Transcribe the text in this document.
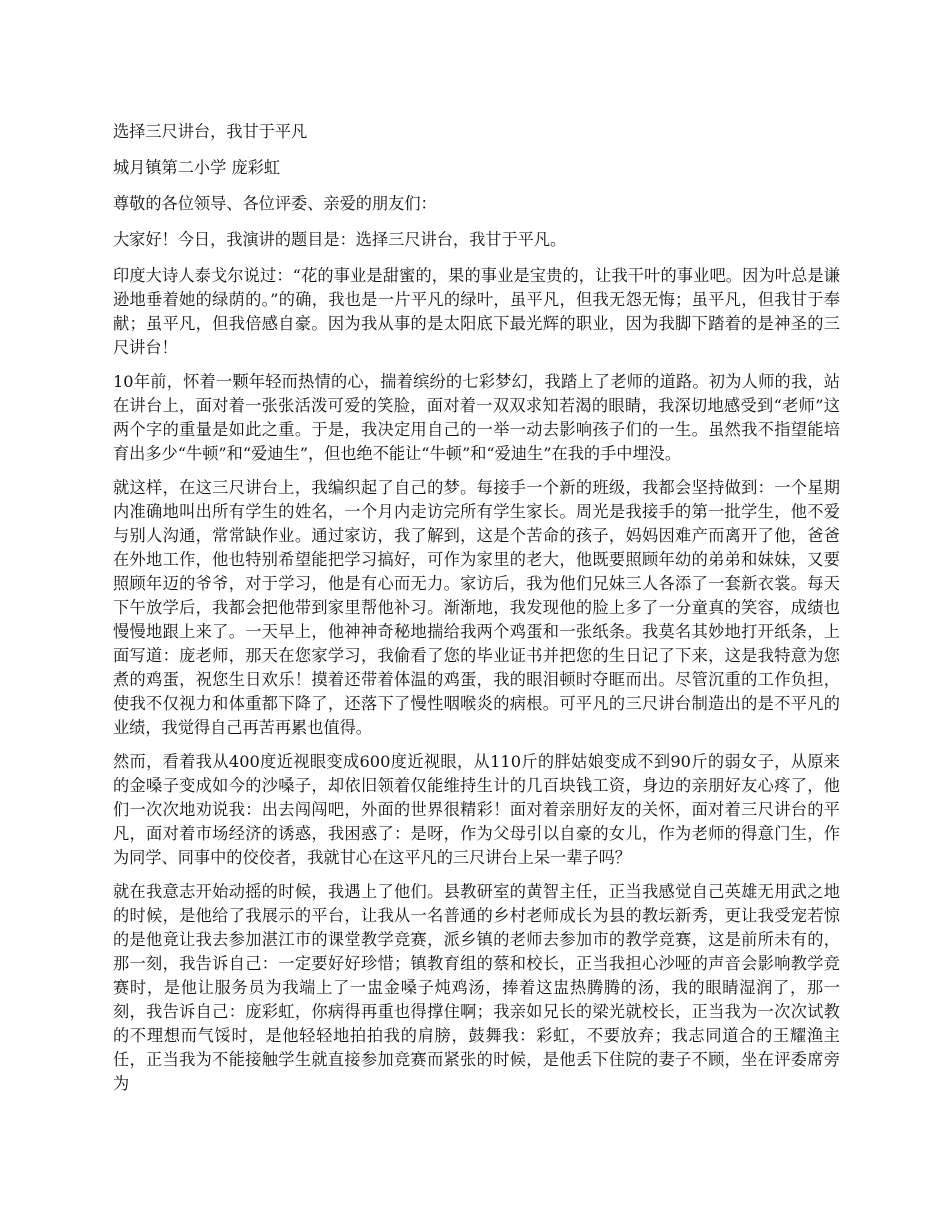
选择三尺讲台，我甘于平凡

城月镇第二小学 庞彩虹

尊敬的各位领导、各位评委、亲爱的朋友们：

大家好！今日，我演讲的题目是：选择三尺讲台，我甘于平凡。

印度大诗人泰戈尔说过：“花的事业是甜蜜的，果的事业是宝贵的，让我干叶的事业吧。因为叶总是谦逊地垂着她的绿荫的。”的确，我也是一片平凡的绿叶，虽平凡，但我无怨无悔；虽平凡，但我甘于奉献；虽平凡，但我倍感自豪。因为我从事的是太阳底下最光辉的职业，因为我脚下踏着的是神圣的三尺讲台！

10年前，怀着一颗年轻而热情的心，揣着缤纷的七彩梦幻，我踏上了老师的道路。初为人师的我，站在讲台上，面对着一张张活泼可爱的笑脸，面对着一双双求知若渴的眼睛，我深切地感受到“老师”这两个字的重量是如此之重。于是，我决定用自己的一举一动去影响孩子们的一生。虽然我不指望能培育出多少“牛顿”和“爱迪生”，但也绝不能让“牛顿”和“爱迪生”在我的手中埋没。

就这样，在这三尺讲台上，我编织起了自己的梦。每接手一个新的班级，我都会坚持做到：一个星期内准确地叫出所有学生的姓名，一个月内走访完所有学生家长。周光是我接手的第一批学生，他不爱与别人沟通，常常缺作业。通过家访，我了解到，这是个苦命的孩子，妈妈因难产而离开了他，爸爸在外地工作，他也特别希望能把学习搞好，可作为家里的老大，他既要照顾年幼的弟弟和妹妹，又要照顾年迈的爷爷，对于学习，他是有心而无力。家访后，我为他们兄妹三人各添了一套新衣裳。每天下午放学后，我都会把他带到家里帮他补习。渐渐地，我发现他的脸上多了一分童真的笑容，成绩也慢慢地跟上来了。一天早上，他神神奇秘地揣给我两个鸡蛋和一张纸条。我莫名其妙地打开纸条，上面写道：庞老师，那天在您家学习，我偷看了您的毕业证书并把您的生日记了下来，这是我特意为您煮的鸡蛋，祝您生日欢乐！摸着还带着体温的鸡蛋，我的眼泪顿时夺眶而出。尽管沉重的工作负担，使我不仅视力和体重都下降了，还落下了慢性咽喉炎的病根。可平凡的三尺讲台制造出的是不平凡的业绩，我觉得自己再苦再累也值得。

然而，看着我从400度近视眼变成600度近视眼，从110斤的胖姑娘变成不到90斤的弱女子，从原来的金嗓子变成如今的沙嗓子，却依旧领着仅能维持生计的几百块钱工资，身边的亲朋好友心疼了，他们一次次地劝说我：出去闯闯吧，外面的世界很精彩！面对着亲朋好友的关怀，面对着三尺讲台的平凡，面对着市场经济的诱惑，我困惑了：是呀，作为父母引以自豪的女儿，作为老师的得意门生，作为同学、同事中的佼佼者，我就甘心在这平凡的三尺讲台上呆一辈子吗？

就在我意志开始动摇的时候，我遇上了他们。县教研室的黄智主任，正当我感觉自己英雄无用武之地的时候，是他给了我展示的平台，让我从一名普通的乡村老师成长为县的教坛新秀，更让我受宠若惊的是他竟让我去参加湛江市的课堂教学竞赛，派乡镇的老师去参加市的教学竞赛，这是前所未有的，那一刻，我告诉自己：一定要好好珍惜；镇教育组的蔡和校长，正当我担心沙哑的声音会影响教学竞赛时，是他让服务员为我端上了一盅金嗓子炖鸡汤，捧着这盅热腾腾的汤，我的眼睛湿润了，那一刻，我告诉自己：庞彩虹，你病得再重也得撑住啊；我亲如兄长的梁光就校长，正当我为一次次试教的不理想而气馁时，是他轻轻地拍拍我的肩膀，鼓舞我：彩虹，不要放弃；我志同道合的王耀渔主任，正当我为不能接触学生就直接参加竞赛而紧张的时候，是他丢下住院的妻子不顾，坐在评委席旁为
